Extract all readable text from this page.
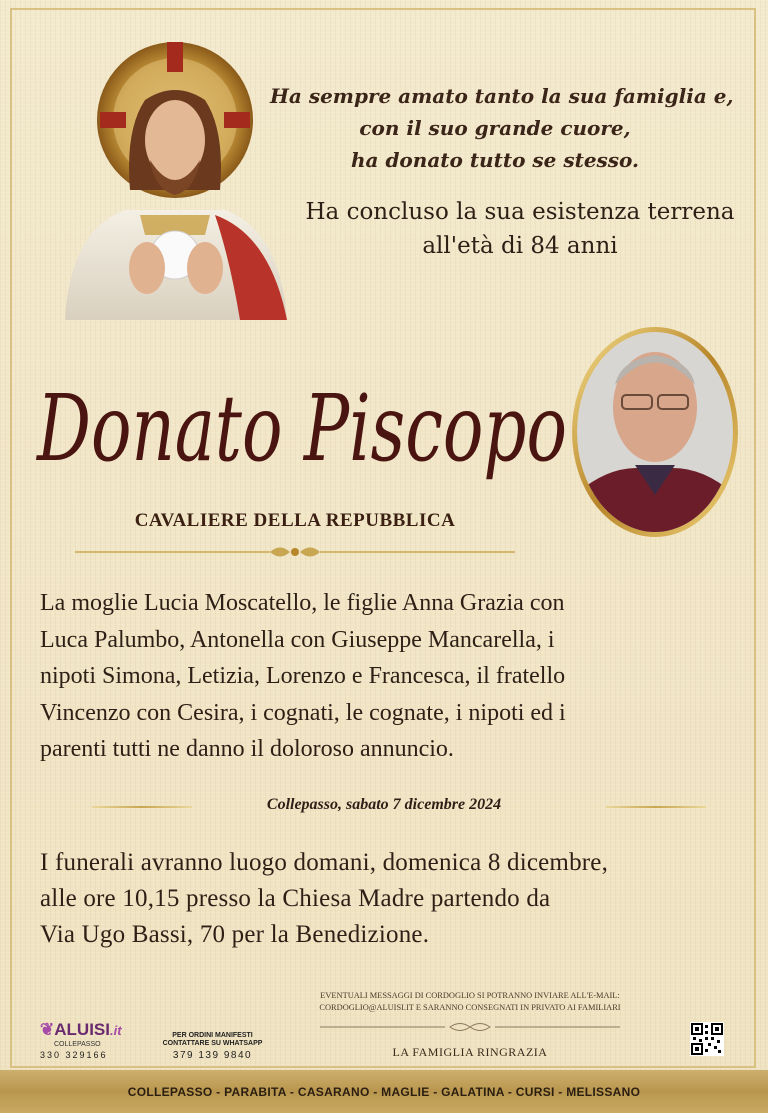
Ha sempre amato tanto la sua famiglia e,
con il suo grande cuore,
ha donato tutto se stesso.
Ha concluso la sua esistenza terrena
all'età di 84 anni
Donato Piscopo
CAVALIERE DELLA REPUBBLICA
La moglie Lucia Moscatello, le figlie Anna Grazia con
Luca Palumbo, Antonella con Giuseppe Mancarella, i
nipoti Simona, Letizia, Lorenzo e Francesca, il fratello
Vincenzo con Cesira, i cognati, le cognate, i nipoti ed i
parenti tutti ne danno il doloroso annuncio.
Collepasso, sabato 7 dicembre 2024
I funerali avranno luogo domani, domenica 8 dicembre,
alle ore 10,15 presso la Chiesa Madre partendo da
Via Ugo Bassi, 70 per la Benedizione.
EVENTUALI MESSAGGI DI CORDOGLIO SI POTRANNO INVIARE ALL'E-MAIL:
CORDOGLIO@ALUISI.IT E SARANNO CONSEGNATI IN PRIVATO AI FAMILIARI
LA FAMIGLIA RINGRAZIA
❦ALUISI.it
COLLEPASSO
330 329166
PER ORDINI MANIFESTI
CONTATTARE SU WHATSAPP
379 139 9840
COLLEPASSO - PARABITA - CASARANO - MAGLIE - GALATINA - CURSI - MELISSANO
